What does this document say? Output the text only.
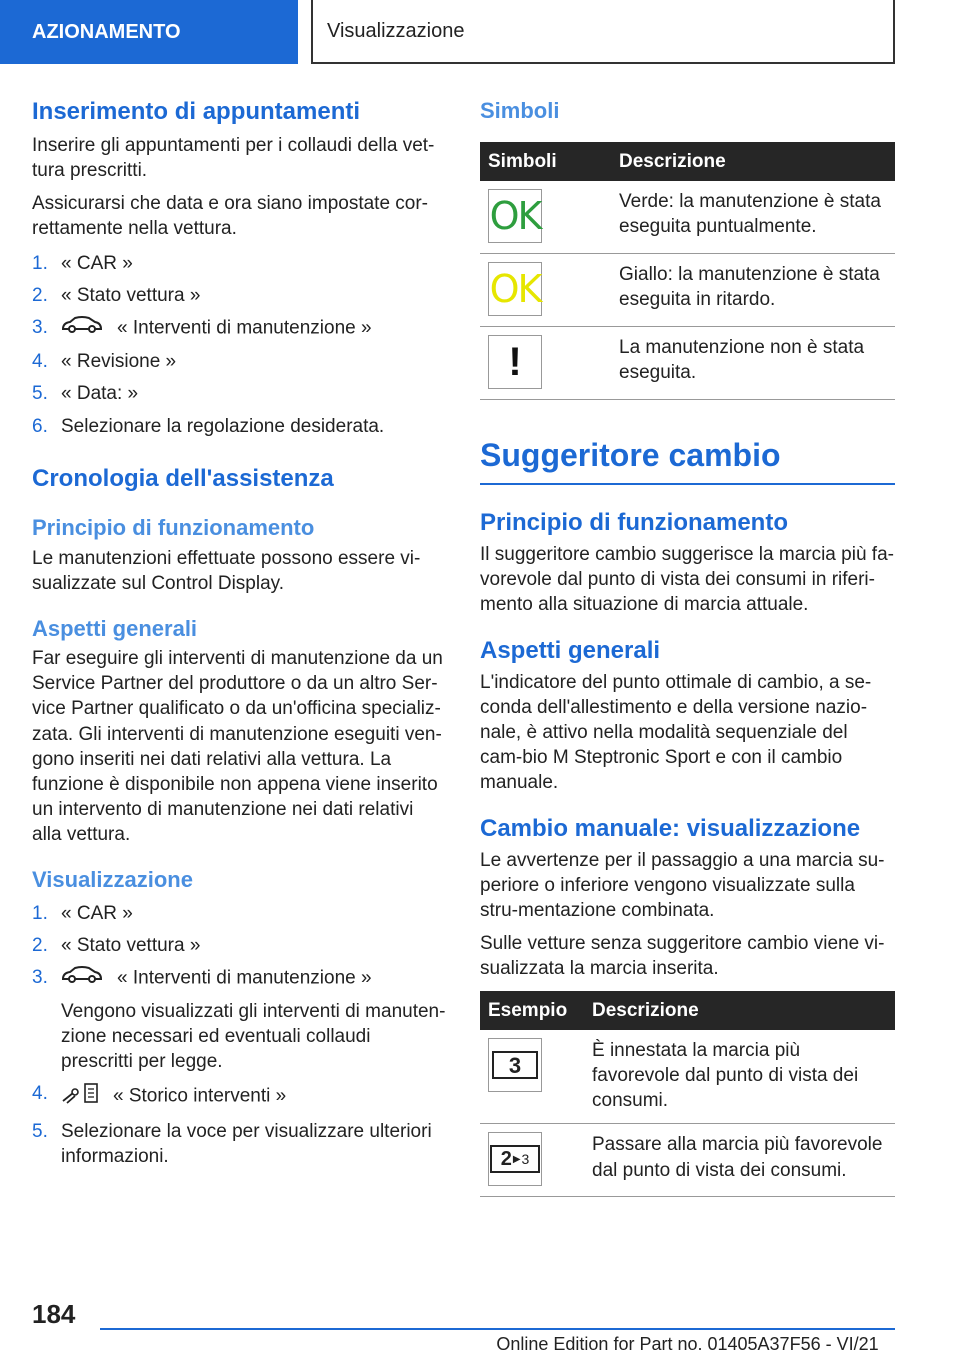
AZIONAMENTO	Visualizzazione
Inserimento di appuntamenti

Inserire gli appuntamenti per i collaudi della vet-tura prescritti.

Assicurarsi che data e ora siano impostate cor-rettamente nella vettura.

1. « CAR »
2. « Stato vettura »
3.	« Interventi di manutenzione »
4. « Revisione »
5. « Data: »
6. Selezionare la regolazione desiderata.
Cronologia dell'assistenza
Principio di funzionamento

Le manutenzioni effettuate possono essere vi-sualizzate sul Control Display.

Aspetti generali

Far eseguire gli interventi di manutenzione da un Service Partner del produttore o da un altro Ser-vice Partner qualificato o da un'officina specializ-zata. Gli interventi di manutenzione eseguiti ven-gono inseriti nei dati relativi alla vettura. La funzione è disponibile non appena viene inserito un intervento di manutenzione nei dati relativi alla vettura.

Visualizzazione
1. « CAR »
2. « Stato vettura »
3.	« Interventi di manutenzione »
Vengono visualizzati gli interventi di manuten-zione necessari ed eventuali collaudi prescritti per legge.
4.	« Storico interventi »
5. Selezionare la voce per visualizzare ulteriori informazioni.
Simboli
Simboli	Descrizione

OK	Verde: la manutenzione è stata eseguita puntualmente.

OK	Giallo: la manutenzione è stata eseguita in ritardo.

!	La manutenzione non è stata eseguita.
Suggeritore cambio
Principio di funzionamento

Il suggeritore cambio suggerisce la marcia più fa-vorevole dal punto di vista dei consumi in riferi-mento alla situazione di marcia attuale.

Aspetti generali

L'indicatore del punto ottimale di cambio, a se-conda dell'allestimento e della versione nazio-nale, è attivo nella modalità sequenziale del cam-bio M Steptronic Sport e con il cambio manuale.

Cambio manuale: visualizzazione

Le avvertenze per il passaggio a una marcia su-periore o inferiore vengono visualizzate sulla stru-mentazione combinata.

Sulle vetture senza suggeritore cambio viene vi-sualizzata la marcia inserita.

Esempio	Descrizione

3	È innestata la marcia più favorevole dal punto di vista dei consumi.

2 ▶ 3	Passare alla marcia più favorevole dal punto di vista dei consumi.
184
Online Edition for Part no. 01405A37F56 - VI/21
